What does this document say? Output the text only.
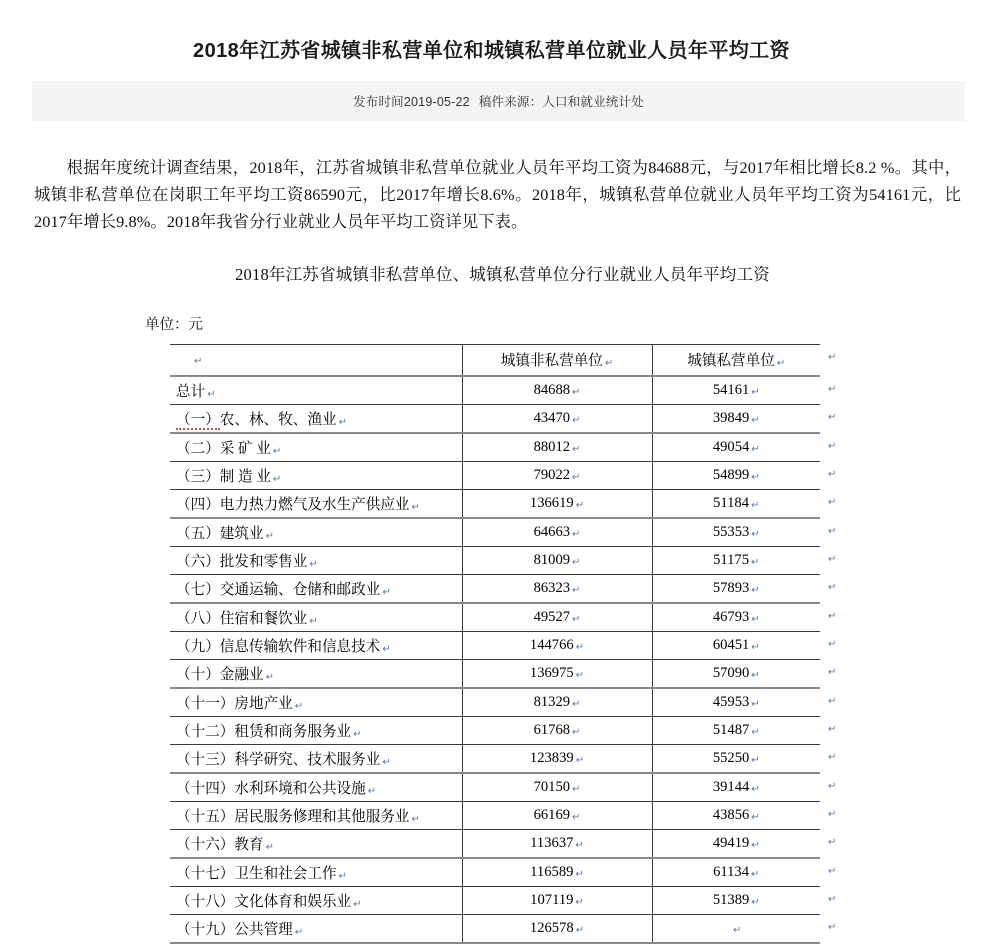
2018年江苏省城镇非私营单位和城镇私营单位就业人员年平均工资
发布时间2019-05-22 稿件来源：人口和就业统计处

根据年度统计调查结果，2018年，江苏省城镇非私营单位就业人员年平均工资为84688元，与2017年相比增长8.2 %。其中，城镇非私营单位在岗职工年平均工资86590元，比2017年增长8.6%。2018年，城镇私营单位就业人员年平均工资为54161元，比2017年增长9.8%。2018年我省分行业就业人员年平均工资详见下表。

2018年江苏省城镇非私营单位、城镇私营单位分行业就业人员年平均工资
单位：元
↵	城镇非私营单位 ↵	城镇私营单位 ↵
总计 ↵	84688 ↵	54161 ↵
（一）农、林、牧、渔业 ↵	43470 ↵	39849 ↵
（二）采 矿 业 ↵	88012 ↵	49054 ↵
（三）制 造 业 ↵	79022 ↵	54899 ↵
（四）电力热力燃气及水生产供应业 ↵	136619 ↵	51184 ↵
（五）建筑业 ↵	64663 ↵	55353 ↵
（六）批发和零售业 ↵	81009 ↵	51175 ↵
（七）交通运输、仓储和邮政业 ↵	86323 ↵	57893 ↵
（八）住宿和餐饮业 ↵	49527 ↵	46793 ↵
（九）信息传输软件和信息技术 ↵	144766 ↵	60451 ↵
（十）金融业 ↵	136975 ↵	57090 ↵
（十一）房地产业 ↵	81329 ↵	45953 ↵
（十二）租赁和商务服务业 ↵	61768 ↵	51487 ↵
（十三）科学研究、技术服务业 ↵	123839 ↵	55250 ↵
（十四）水利环境和公共设施 ↵	70150 ↵	39144 ↵
（十五）居民服务修理和其他服务业 ↵	66169 ↵	43856 ↵
（十六）教育 ↵	113637 ↵	49419 ↵
（十七）卫生和社会工作 ↵	116589 ↵	61134 ↵
（十八）文化体育和娱乐业 ↵	107119 ↵	51389 ↵
（十九）公共管理 ↵	126578 ↵	↵
↵
↵
↵
↵
↵
↵
↵
↵
↵
↵
↵
↵
↵
↵
↵
↵
↵
↵
↵
↵
↵
